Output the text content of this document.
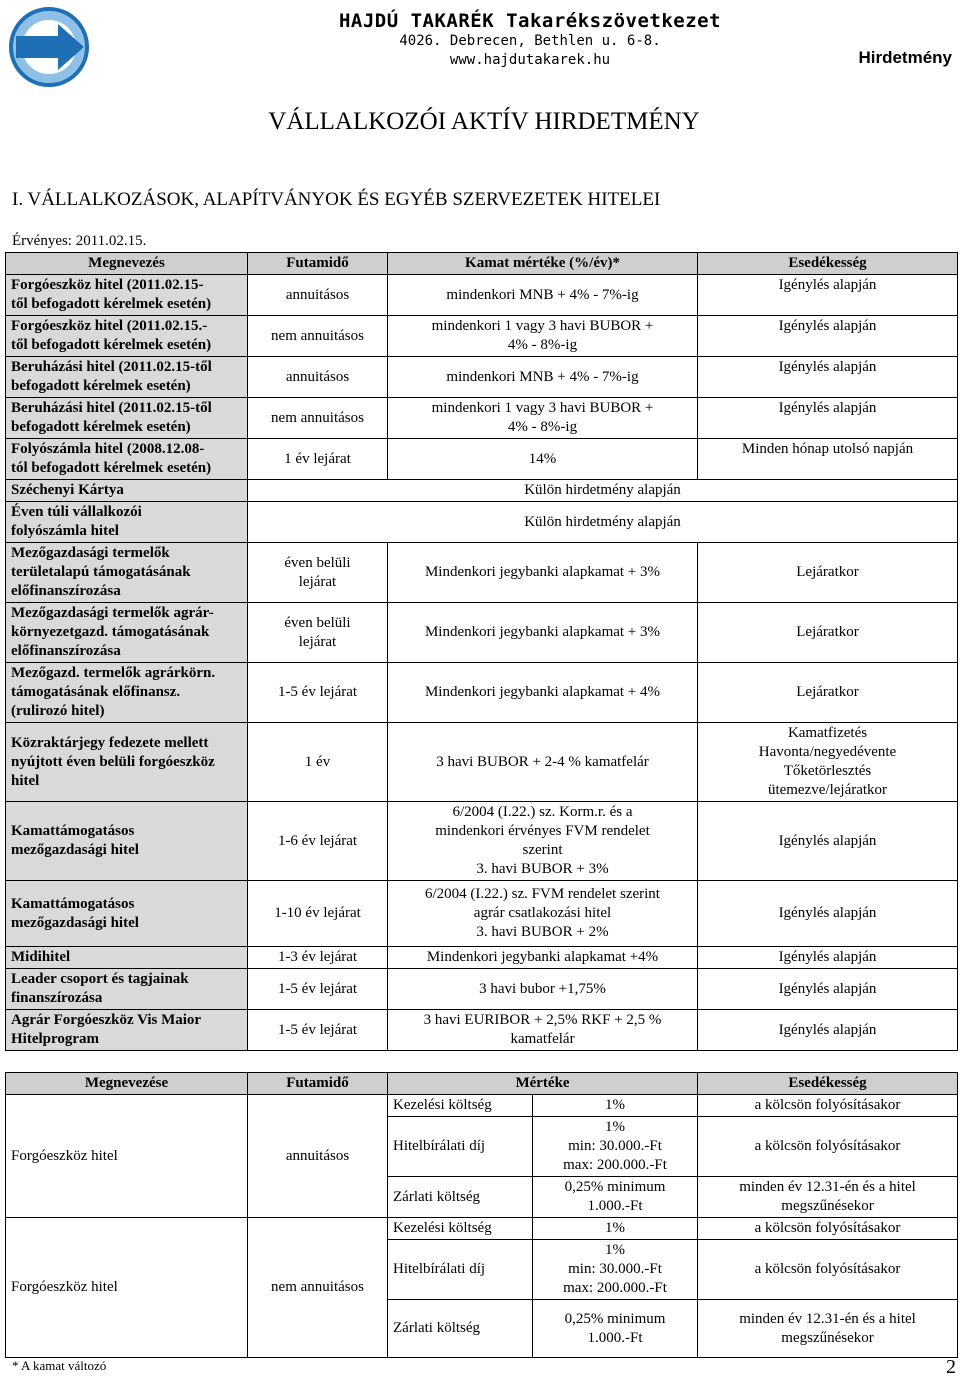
HAJDÚ TAKARÉK Takarékszövetkezet
4026. Debrecen, Bethlen u. 6-8.
www.hajdutakarek.hu	Hirdetmény
VÁLLALKOZÓI AKTÍV HIRDETMÉNY
I. VÁLLALKOZÁSOK, ALAPÍTVÁNYOK ÉS EGYÉB SZERVEZETEK HITELEI
Érvényes: 2011.02.15.
Megnevezés	Futamidő	Kamat mértéke (%/év)*	Esedékesség
Forgóeszköz hitel (2011.02.15-
től befogadott kérelmek esetén)	annuitásos	mindenkori MNB + 4% - 7%-ig	Igénylés alapján
Forgóeszköz hitel (2011.02.15.-
től befogadott kérelmek esetén)	nem annuitásos	mindenkori 1 vagy 3 havi BUBOR +
4% - 8%-ig	Igénylés alapján
Beruházási hitel (2011.02.15-től
befogadott kérelmek esetén)	annuitásos	mindenkori MNB + 4% - 7%-ig	Igénylés alapján
Beruházási hitel (2011.02.15-től
befogadott kérelmek esetén)	nem annuitásos	mindenkori 1 vagy 3 havi BUBOR +
4% - 8%-ig	Igénylés alapján
Folyószámla hitel (2008.12.08-
tól befogadott kérelmek esetén)	1 év lejárat	14%	Minden hónap utolsó napján
Széchenyi Kártya	Külön hirdetmény alapján		
Éven túli vállalkozói
folyószámla hitel	Külön hirdetmény alapján		
Mezőgazdasági termelők
területalapú támogatásának
előfinanszírozása	éven belüli
lejárat	Mindenkori jegybanki alapkamat + 3%	Lejáratkor
Mezőgazdasági termelők agrár-
környezetgazd. támogatásának
előfinanszírozása	éven belüli
lejárat	Mindenkori jegybanki alapkamat + 3%	Lejáratkor
Mezőgazd. termelők agrárkörn.
támogatásának előfinansz.
(rulirozó hitel)	1-5 év lejárat	Mindenkori jegybanki alapkamat + 4%	Lejáratkor
Közraktárjegy fedezete mellett
nyújtott éven belüli forgóeszköz
hitel	1 év	3 havi BUBOR + 2-4 % kamatfelár	Kamatfizetés
Havonta/negyedévente
Tőketörlesztés
ütemezve/lejáratkor
Kamattámogatásos
mezőgazdasági hitel	1-6 év lejárat	6/2004 (I.22.) sz. Korm.r. és a
mindenkori érvényes FVM rendelet
szerint
3. havi BUBOR + 3%	Igénylés alapján
Kamattámogatásos
mezőgazdasági hitel	1-10 év lejárat	6/2004 (I.22.) sz. FVM rendelet szerint
agrár csatlakozási hitel
3. havi BUBOR + 2%	Igénylés alapján
Midihitel	1-3 év lejárat	Mindenkori jegybanki alapkamat +4%	Igénylés alapján
Leader csoport és tagjainak
finanszírozása	1-5 év lejárat	3 havi bubor +1,75%	Igénylés alapján
Agrár Forgóeszköz Vis Maior
Hitelprogram	1-5 év lejárat	3 havi EURIBOR + 2,5% RKF + 2,5 %
kamatfelár	Igénylés alapján
Megnevezése	Futamidő	Mértéke		Esedékesség
Forgóeszköz hitel	annuitásos	Kezelési költség	1%	a kölcsön folyósításakor
		Hitelbírálati díj	1%
min: 30.000.-Ft
max: 200.000.-Ft	a kölcsön folyósításakor
		Zárlati költség	0,25% minimum
1.000.-Ft	minden év 12.31-én és a hitel
megszűnésekor
Forgóeszköz hitel	nem annuitásos	Kezelési költség	1%	a kölcsön folyósításakor
		Hitelbírálati díj	1%
min: 30.000.-Ft
max: 200.000.-Ft	a kölcsön folyósításakor
		Zárlati költség	0,25% minimum
1.000.-Ft	minden év 12.31-én és a hitel
megszűnésekor
* A kamat változó	2
